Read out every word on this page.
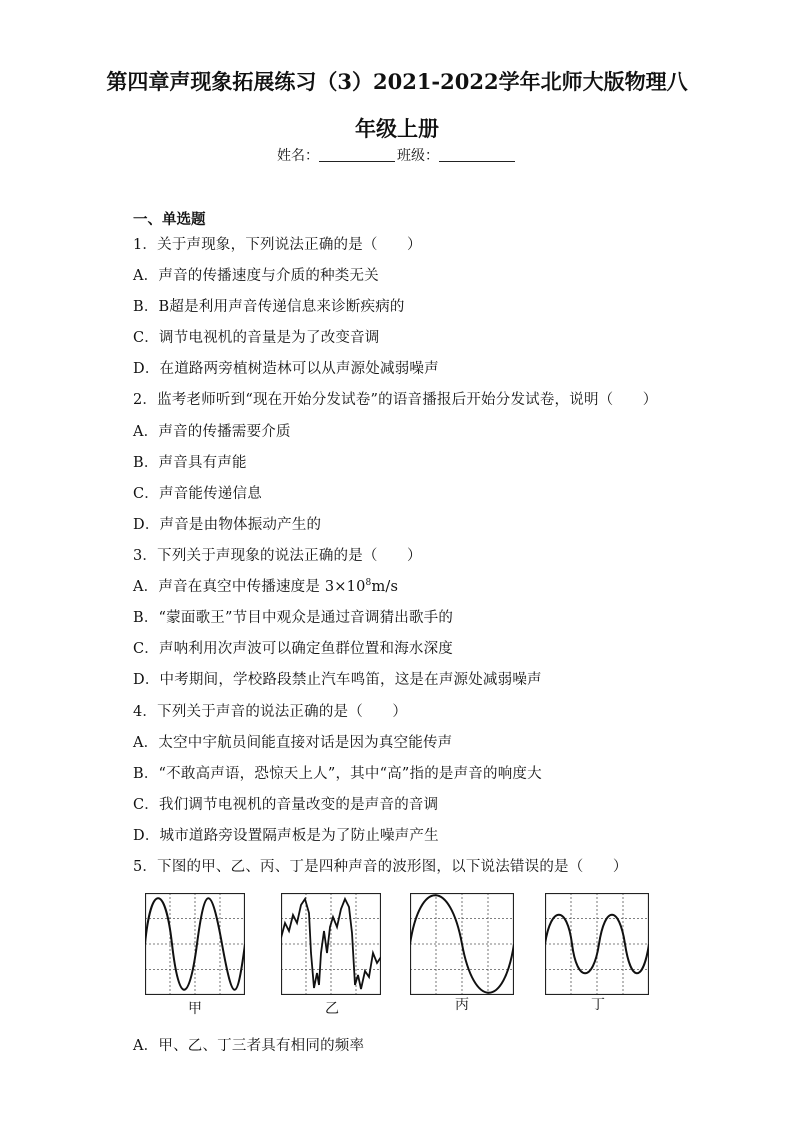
第四章声现象拓展练习（3）2021-2022学年北师大版物理八
年级上册
姓名：	班级：
一、单选题
1．关于声现象，下列说法正确的是（　　）
A．声音的传播速度与介质的种类无关
B．B超是利用声音传递信息来诊断疾病的
C．调节电视机的音量是为了改变音调
D．在道路两旁植树造林可以从声源处减弱噪声
2．监考老师听到“现在开始分发试卷”的语音播报后开始分发试卷，说明（　　）
A．声音的传播需要介质
B．声音具有声能
C．声音能传递信息
D．声音是由物体振动产生的
3．下列关于声现象的说法正确的是（　　）
A．声音在真空中传播速度是 $3\times 10^8m/s$
B．“蒙面歌王”节目中观众是通过音调猜出歌手的
C．声呐利用次声波可以确定鱼群位置和海水深度
D．中考期间，学校路段禁止汽车鸣笛，这是在声源处减弱噪声
4．下列关于声音的说法正确的是（　　）
A．太空中宇航员间能直接对话是因为真空能传声
B．“不敢高声语，恐惊天上人”，其中“高”指的是声音的响度大
C．我们调节电视机的音量改变的是声音的音调
D．城市道路旁设置隔声板是为了防止噪声产生
5．下图的甲、乙、丙、丁是四种声音的波形图，以下说法错误的是（　　）
甲	乙	丙	丁
A．甲、乙、丁三者具有相同的频率
